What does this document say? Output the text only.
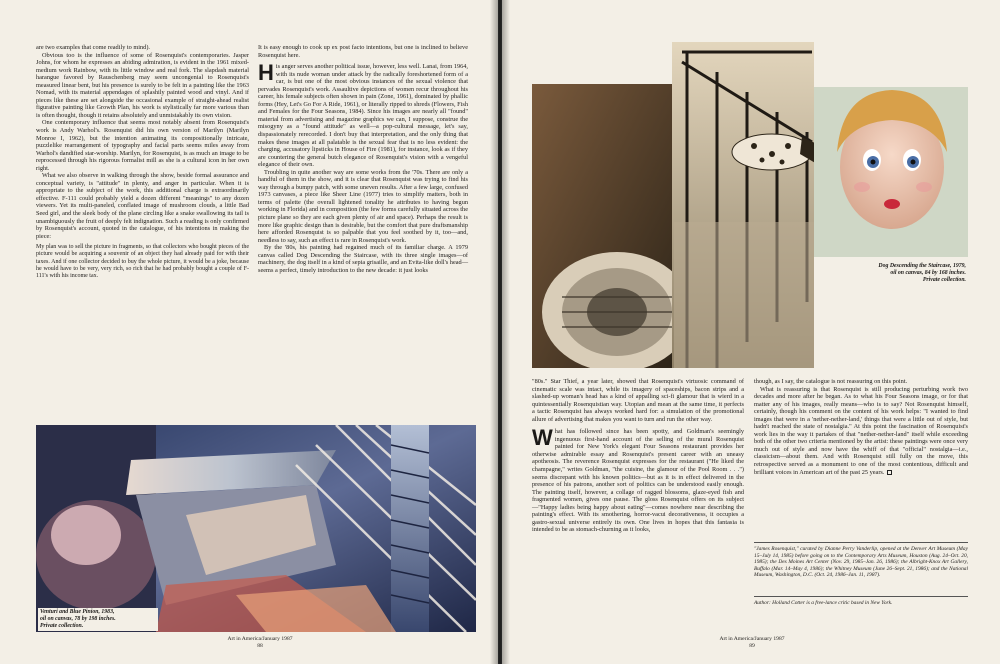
are two examples that come readily to mind).

Obvious too is the influence of some of Rosenquist's contemporaries. Jasper Johns, for whom he expresses an abiding admiration, is evident in the 1961 mixed-medium work Rainbow, with its little window and real fork. The slapdash material harangue favored by Rauschenberg may seem uncongenial to Rosenquist's measured linear bent, but his presence is surely to be felt in a painting like the 1963 Nomad, with its material appendages of splashily painted wood and vinyl. And if pieces like these are set alongside the occasional example of straight-ahead realist figurative painting like Growth Plan, his work is stylistically far more various than is often thought, though it retains absolutely and unmistakably its own vision.

One contemporary influence that seems most notably absent from Rosenquist's work is Andy Warhol's. Rosenquist did his own version of Marilyn (Marilyn Monroe I, 1962), but the intention animating its compositionally intricate, puzzlelike rearrangement of typography and facial parts seems miles away from Warhol's dandified star-worship. Marilyn, for Rosenquist, is as much an image to be reprocessed through his rigorous formalist mill as she is a cultural icon in her own right.

What we also observe in walking through the show, beside formal assurance and conceptual variety, is "attitude" in plenty, and anger in particular. When it is appropriate to the subject of the work, this additional charge is extraordinarily effective. F-111 could probably yield a dozen different "meanings" to any dozen viewers. Yet its multi-paneled, conflated image of mushroom clouds, a little Bad Seed girl, and the sleek body of the plane circling like a snake swallowing its tail is unambiguously the fruit of deeply felt indignation. Such a reading is only confirmed by Rosenquist's account, quoted in the catalogue, of his intentions in making the piece:

My plan was to sell the picture in fragments, so that collectors who bought pieces of the picture would be acquiring a souvenir of an object they had already paid for with their taxes. And if one collector decided to buy the whole picture, it would be a joke, because he would have to be very, very rich, so rich that he had probably bought a couple of F-111's with his income tax.

It is easy enough to cook up ex post facto intentions, but one is inclined to believe Rosenquist here.

His anger serves another political issue, however, less well. Lanai, from 1964, with its nude woman under attack by the radically foreshortened form of a car, is but one of the most obvious instances of the sexual violence that pervades Rosenquist's work. Assaultive depictions of women recur throughout his career, his female subjects often shown in pain (Zone, 1961), dominated by phallic forms (Hey, Let's Go For A Ride, 1961), or literally ripped to shreds (Flowers, Fish and Females for the Four Seasons, 1984). Since his images are nearly all "found" material from advertising and magazine graphics we can, I suppose, construe the misogyny as a "found attitude" as well—a pop-cultural message, let's say, dispassionately rerecorded. I don't buy that interpretation, and the only thing that makes these images at all palatable is the sexual fear that is no less evident: the charging, accusatory lipsticks in House of Fire (1981), for instance, look as if they are countering the general butch elegance of Rosenquist's vision with a vengeful elegance of their own.

Troubling in quite another way are some works from the '70s. There are only a handful of them in the show, and it is clear that Rosenquist was trying to find his way through a bumpy patch, with some uneven results. After a few large, confused 1973 canvases, a piece like Sheer Line (1977) tries to simplify matters, both in terms of palette (the overall lightened tonality he attributes to having begun working in Florida) and in composition (the few forms carefully situated across the picture plane so they are each given plenty of air and space). Perhaps the result is more like graphic design than is desirable, but the comfort that pure draftsmanship here afforded Rosenquist is so palpable that you feel soothed by it, too—and, needless to say, such an effect is rare in Rosenquist's work.

By the '80s, his painting had regained much of its familiar charge. A 1979 canvas called Dog Descending the Staircase, with its three single images—of machinery, the dog itself in a kind of sepia grisaille, and an Evita-like doll's head—seems a perfect, timely introduction to the new decade: it just looks

Venturi and Blue Pinion, 1983,
oil on canvas, 78 by 198 inches.
Private collection.
Art in America/January 1987
88
Dog Descending the Staircase, 1979,
oil on canvas, 84 by 168 inches.
Private collection.

"80s." Star Thief, a year later, showed that Rosenquist's virtuosic command of cinematic scale was intact, while its imagery of spaceships, bacon strips and a slashed-up woman's head has a kind of appalling sci-fi glamour that is wierd in a quintessentially Rosenquistian way. Utopian and mean at the same time, it perfects a tactic Rosenquist has always worked hard for: a simulation of the promotional allure of advertising that makes you want to turn and run the other way.

What has followed since has been spotty, and Goldman's seemingly ingenuous first-hand account of the selling of the mural Rosenquist painted for New York's elegant Four Seasons restaurant provides her otherwise admirable essay and Rosenquist's present career with an uneasy apotheosis. The reverence Rosenquist expresses for the restaurant ("He liked the champagne," writes Goldman, "the cuisine, the glamour of the Pool Room . . .") seems discrepant with his known politics—but as it is in effect delivered in the presence of his patrons, another sort of politics can be understood easily enough. The painting itself, however, a collage of ragged blossoms, glaze-eyed fish and fragmented women, gives one pause. The gloss Rosenquist offers on its subject—"Happy ladies being happy about eating"—comes nowhere near describing the painting's effect. With its smothering, horror-vacui decorativeness, it occupies a gastro-sexual universe entirely its own. One lives in hopes that this fantasia is intended to be as stomach-churning as it looks,

though, as I say, the catalogue is not reassuring on this point.

What is reassuring is that Rosenquist is still producing perturbing work two decades and more after he began. As to what his Four Seasons image, or for that matter any of his images, really means—who is to say? Not Rosenquist himself, certainly, though his comment on the content of his work helps: "I wanted to find images that were in a 'nether-nether-land,' things that were a little out of style, but hadn't reached the state of nostalgia." At this point the fascination of Rosenquist's work lies in the way it partakes of that "nether-nether-land" itself while exceeding both of the other two criteria mentioned by the artist: these paintings were once very much out of style and now have the whiff of that "official" nostalgia—i.e., classicism—about them. And with Rosenquist still fully on the move, this retrospective served as a monument to one of the most contentious, difficult and brilliant voices in American art of the past 25 years.

"James Rosenquist," curated by Dianne Perry Vanderlip, opened at the Denver Art Museum (May 15–July 14, 1985) before going on to the Contemporary Arts Museum, Houston (Aug. 24–Oct. 20, 1985); the Des Moines Art Center (Nov. 29, 1985–Jan. 26, 1986); the Albright-Knox Art Gallery, Buffalo (Mar. 14–May 4, 1986); the Whitney Museum (June 26–Sept. 21, 1986); and the National Museum, Washington, D.C. (Oct. 24, 1986–Jan. 11, 1987).
Author: Holland Cotter is a free-lance critic based in New York.
Art in America/January 1987
89
